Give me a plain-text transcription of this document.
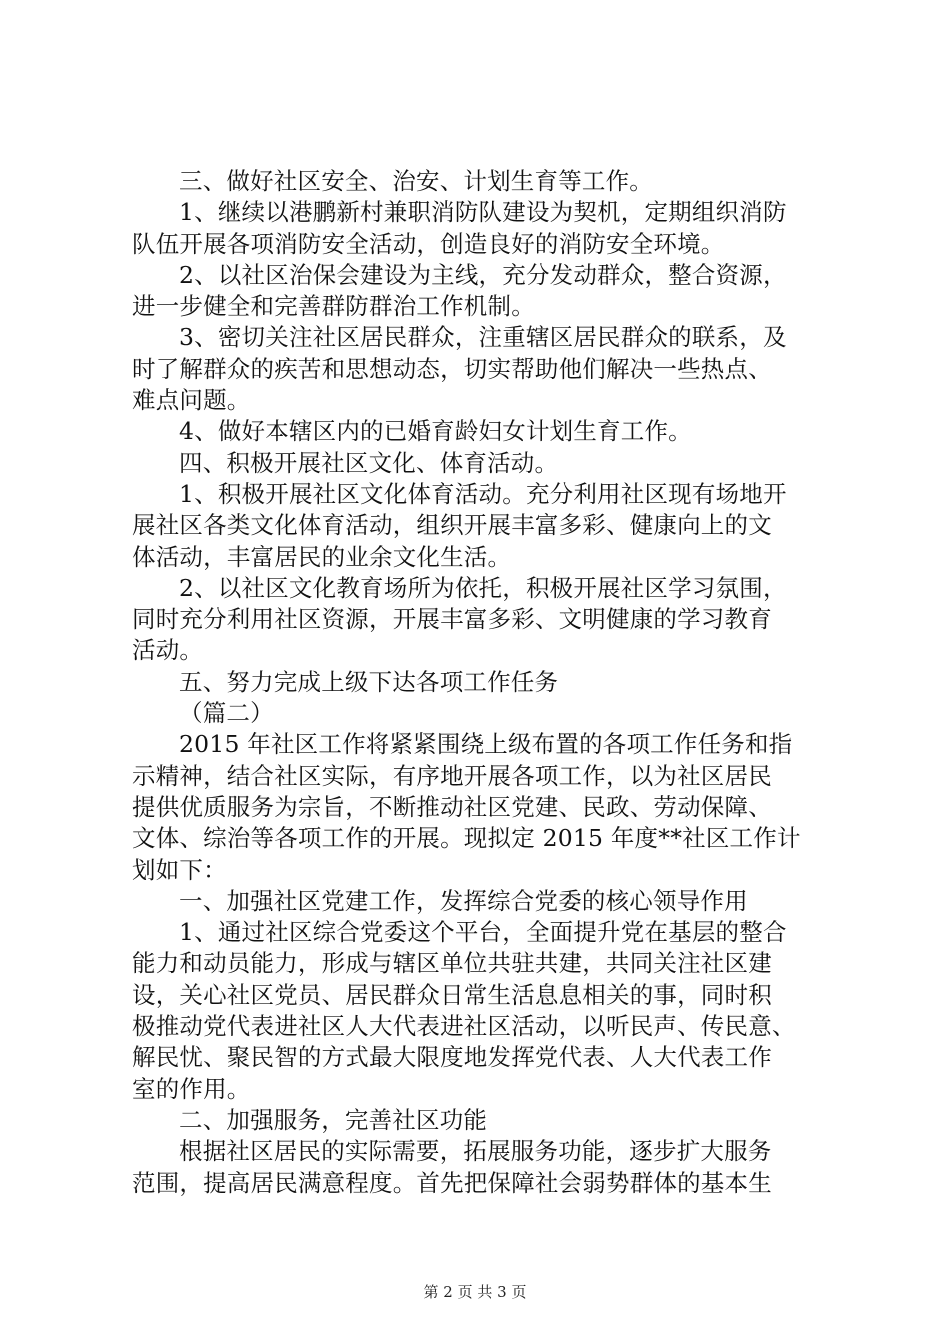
三、做好社区安全、治安、计划生育等工作。
1、继续以港鹏新村兼职消防队建设为契机，定期组织消防
队伍开展各项消防安全活动，创造良好的消防安全环境。
2、以社区治保会建设为主线，充分发动群众，整合资源，
进一步健全和完善群防群治工作机制。
3、密切关注社区居民群众，注重辖区居民群众的联系，及
时了解群众的疾苦和思想动态，切实帮助他们解决一些热点、
难点问题。
4、做好本辖区内的已婚育龄妇女计划生育工作。
四、积极开展社区文化、体育活动。
1、积极开展社区文化体育活动。充分利用社区现有场地开
展社区各类文化体育活动，组织开展丰富多彩、健康向上的文
体活动，丰富居民的业余文化生活。
2、以社区文化教育场所为依托，积极开展社区学习氛围，
同时充分利用社区资源，开展丰富多彩、文明健康的学习教育
活动。
五、努力完成上级下达各项工作任务
（篇二）
2015 年社区工作将紧紧围绕上级布置的各项工作任务和指
示精神，结合社区实际，有序地开展各项工作，以为社区居民
提供优质服务为宗旨，不断推动社区党建、民政、劳动保障、
文体、综治等各项工作的开展。现拟定 2015 年度**社区工作计
划如下：
一、加强社区党建工作，发挥综合党委的核心领导作用
1、通过社区综合党委这个平台，全面提升党在基层的整合
能力和动员能力，形成与辖区单位共驻共建，共同关注社区建
设，关心社区党员、居民群众日常生活息息相关的事，同时积
极推动党代表进社区人大代表进社区活动，以听民声、传民意、
解民忧、聚民智的方式最大限度地发挥党代表、人大代表工作
室的作用。
二、加强服务，完善社区功能
根据社区居民的实际需要，拓展服务功能，逐步扩大服务
范围，提高居民满意程度。首先把保障社会弱势群体的基本生
第 2 页 共 3 页
